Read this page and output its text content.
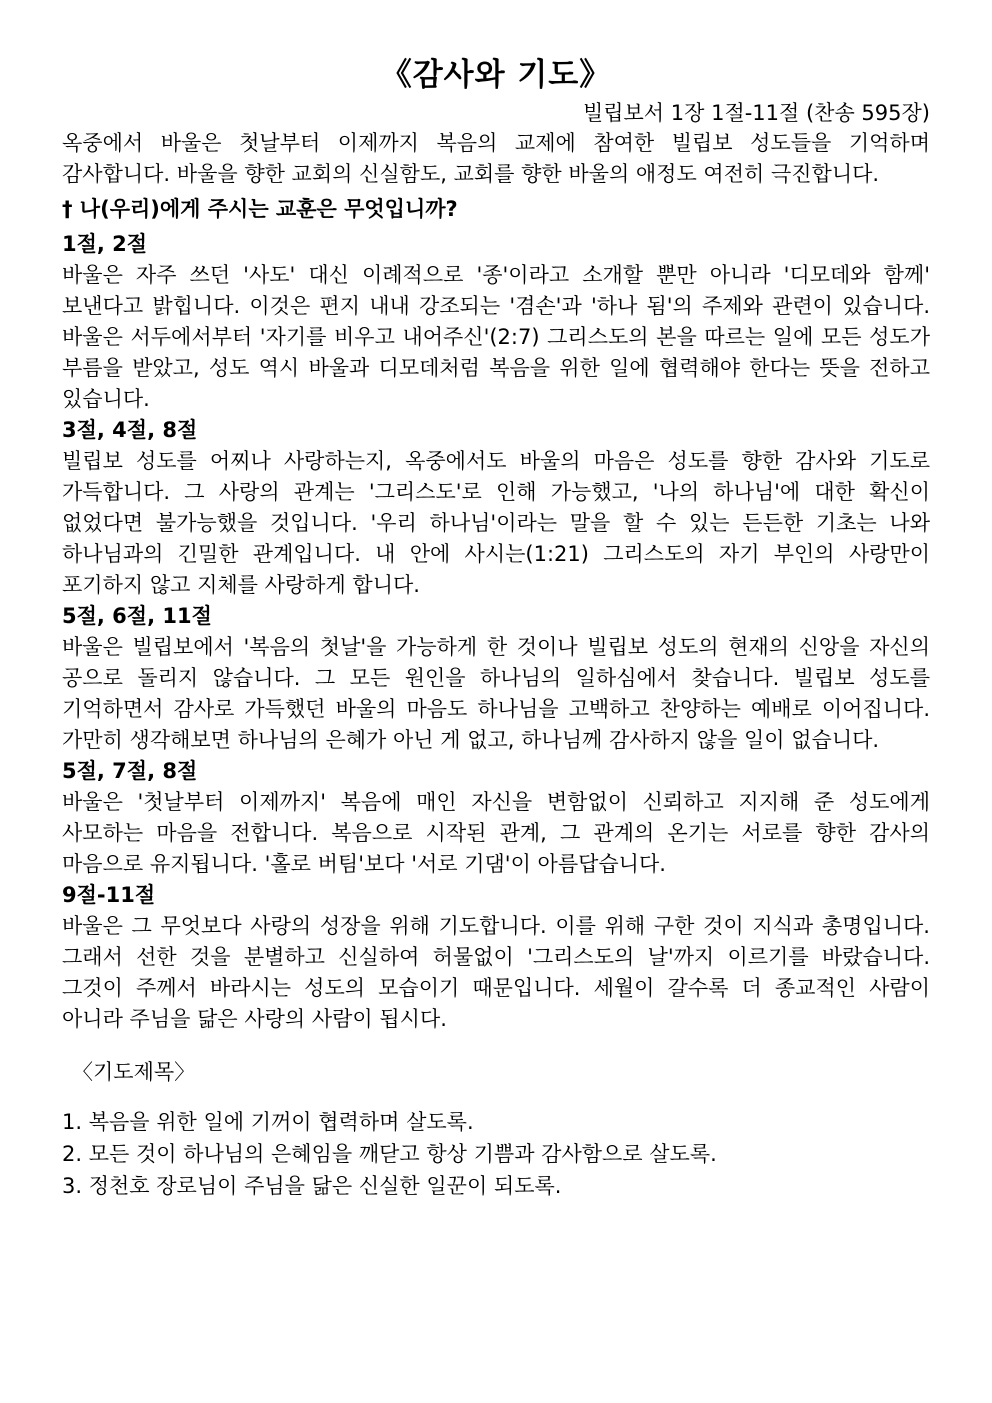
《감사와 기도》

빌립보서 1장 1절-11절 (찬송 595장)

옥중에서 바울은 첫날부터 이제까지 복음의 교제에 참여한 빌립보 성도들을 기억하며 감사합니다. 바울을 향한 교회의 신실함도, 교회를 향한 바울의 애정도 여전히 극진합니다.

† 나(우리)에게 주시는 교훈은 무엇입니까?

1절, 2절

바울은 자주 쓰던 '사도' 대신 이례적으로 '종'이라고 소개할 뿐만 아니라 '디모데와 함께' 보낸다고 밝힙니다. 이것은 편지 내내 강조되는 '겸손'과 '하나 됨'의 주제와 관련이 있습니다. 바울은 서두에서부터 '자기를 비우고 내어주신'(2:7) 그리스도의 본을 따르는 일에 모든 성도가 부름을 받았고, 성도 역시 바울과 디모데처럼 복음을 위한 일에 협력해야 한다는 뜻을 전하고 있습니다.

3절, 4절, 8절

빌립보 성도를 어찌나 사랑하는지, 옥중에서도 바울의 마음은 성도를 향한 감사와 기도로 가득합니다. 그 사랑의 관계는 '그리스도'로 인해 가능했고, '나의 하나님'에 대한 확신이 없었다면 불가능했을 것입니다. '우리 하나님'이라는 말을 할 수 있는 든든한 기초는 나와 하나님과의 긴밀한 관계입니다. 내 안에 사시는(1:21) 그리스도의 자기 부인의 사랑만이 포기하지 않고 지체를 사랑하게 합니다.

5절, 6절, 11절

바울은 빌립보에서 '복음의 첫날'을 가능하게 한 것이나 빌립보 성도의 현재의 신앙을 자신의 공으로 돌리지 않습니다. 그 모든 원인을 하나님의 일하심에서 찾습니다. 빌립보 성도를 기억하면서 감사로 가득했던 바울의 마음도 하나님을 고백하고 찬양하는 예배로 이어집니다. 가만히 생각해보면 하나님의 은혜가 아닌 게 없고, 하나님께 감사하지 않을 일이 없습니다.

5절, 7절, 8절

바울은 '첫날부터 이제까지' 복음에 매인 자신을 변함없이 신뢰하고 지지해 준 성도에게 사모하는 마음을 전합니다. 복음으로 시작된 관계, 그 관계의 온기는 서로를 향한 감사의 마음으로 유지됩니다. '홀로 버팀'보다 '서로 기댐'이 아름답습니다.

9절-11절

바울은 그 무엇보다 사랑의 성장을 위해 기도합니다. 이를 위해 구한 것이 지식과 총명입니다. 그래서 선한 것을 분별하고 신실하여 허물없이 '그리스도의 날'까지 이르기를 바랐습니다. 그것이 주께서 바라시는 성도의 모습이기 때문입니다. 세월이 갈수록 더 종교적인 사람이 아니라 주님을 닮은 사랑의 사람이 됩시다.

〈기도제목〉

1. 복음을 위한 일에 기꺼이 협력하며 살도록.
2. 모든 것이 하나님의 은혜임을 깨닫고 항상 기쁨과 감사함으로 살도록.
3. 정천호 장로님이 주님을 닮은 신실한 일꾼이 되도록.
